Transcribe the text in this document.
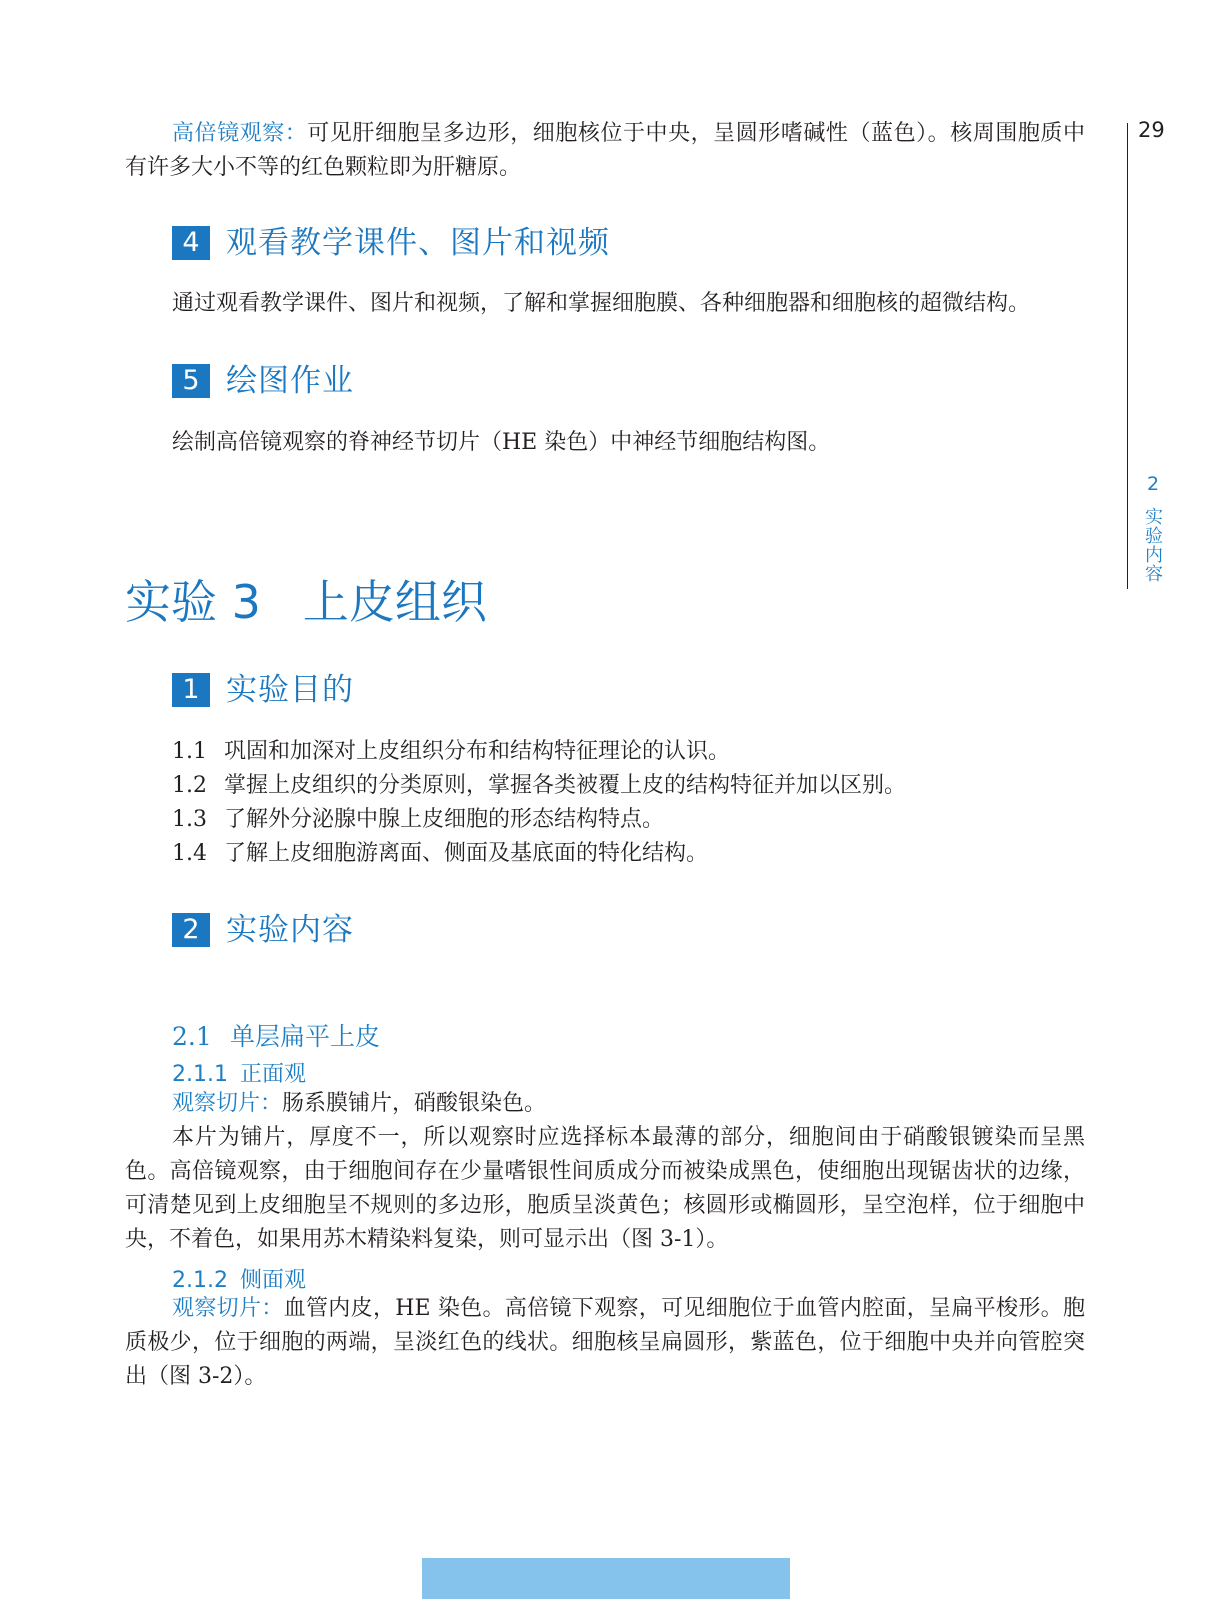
29
2
实验内容
高倍镜观察：可见肝细胞呈多边形，细胞核位于中央，呈圆形嗜碱性（蓝色）。核周围胞质中有许多大小不等的红色颗粒即为肝糖原。
4 观看教学课件、图片和视频
通过观看教学课件、图片和视频，了解和掌握细胞膜、各种细胞器和细胞核的超微结构。
5 绘图作业
绘制高倍镜观察的脊神经节切片（HE 染色）中神经节细胞结构图。
实验 3 上皮组织
1 实验目的
1.1 巩固和加深对上皮组织分布和结构特征理论的认识。
1.2 掌握上皮组织的分类原则，掌握各类被覆上皮的结构特征并加以区别。
1.3 了解外分泌腺中腺上皮细胞的形态结构特点。
1.4 了解上皮细胞游离面、侧面及基底面的特化结构。
2 实验内容
2.1 单层扁平上皮
2.1.1 正面观
观察切片：肠系膜铺片，硝酸银染色。
本片为铺片，厚度不一，所以观察时应选择标本最薄的部分，细胞间由于硝酸银镀染而呈黑色。高倍镜观察，由于细胞间存在少量嗜银性间质成分而被染成黑色，使细胞出现锯齿状的边缘，可清楚见到上皮细胞呈不规则的多边形，胞质呈淡黄色；核圆形或椭圆形，呈空泡样，位于细胞中央，不着色，如果用苏木精染料复染，则可显示出（图 3-1）。
2.1.2 侧面观
观察切片：血管内皮，HE 染色。高倍镜下观察，可见细胞位于血管内腔面，呈扁平梭形。胞质极少，位于细胞的两端，呈淡红色的线状。细胞核呈扁圆形，紫蓝色，位于细胞中央并向管腔突出（图 3-2）。
